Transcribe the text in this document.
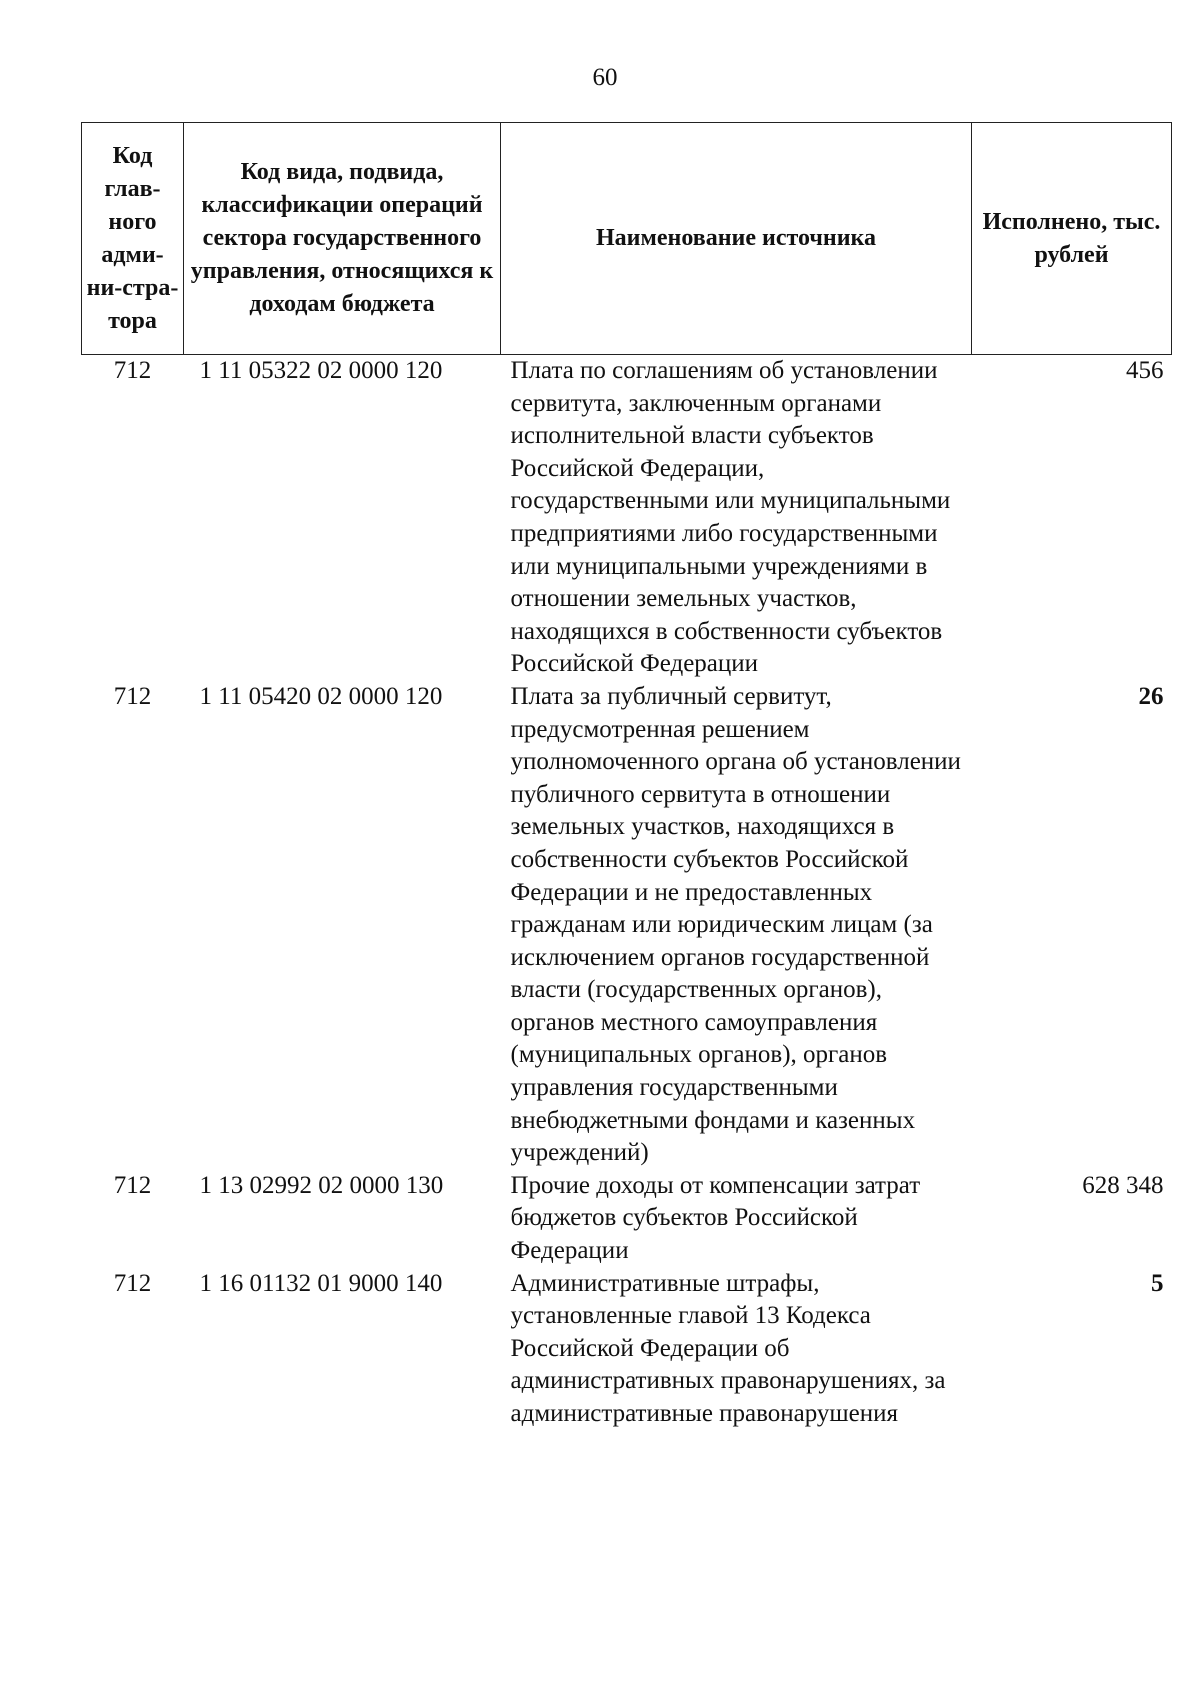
60
Код глав-ного адми-ни-стра-тора	Код вида, подвида, классификации операций сектора государственного управления, относящихся к доходам бюджета	Наименование источника	Исполнено, тыс. рублей
712	1 11 05322 02 0000 120	Плата по соглашениям об установлении сервитута, заключенным органами исполнительной власти субъектов Российской Федерации, государственными или муниципальными предприятиями либо государственными или муниципальными учреждениями в отношении земельных участков, находящихся в собственности субъектов Российской Федерации	456
712	1 11 05420 02 0000 120	Плата за публичный сервитут, предусмотренная решением уполномоченного органа об установлении публичного сервитута в отношении земельных участков, находящихся в собственности субъектов Российской Федерации и не предоставленных гражданам или юридическим лицам (за исключением органов государственной власти (государственных органов), органов местного самоуправления (муниципальных органов), органов управления государственными внебюджетными фондами и казенных учреждений)	26
712	1 13 02992 02 0000 130	Прочие доходы от компенсации затрат бюджетов субъектов Российской Федерации	628 348
712	1 16 01132 01 9000 140	Административные штрафы, установленные главой 13 Кодекса Российской Федерации об административных правонарушениях, за административные правонарушения	5
